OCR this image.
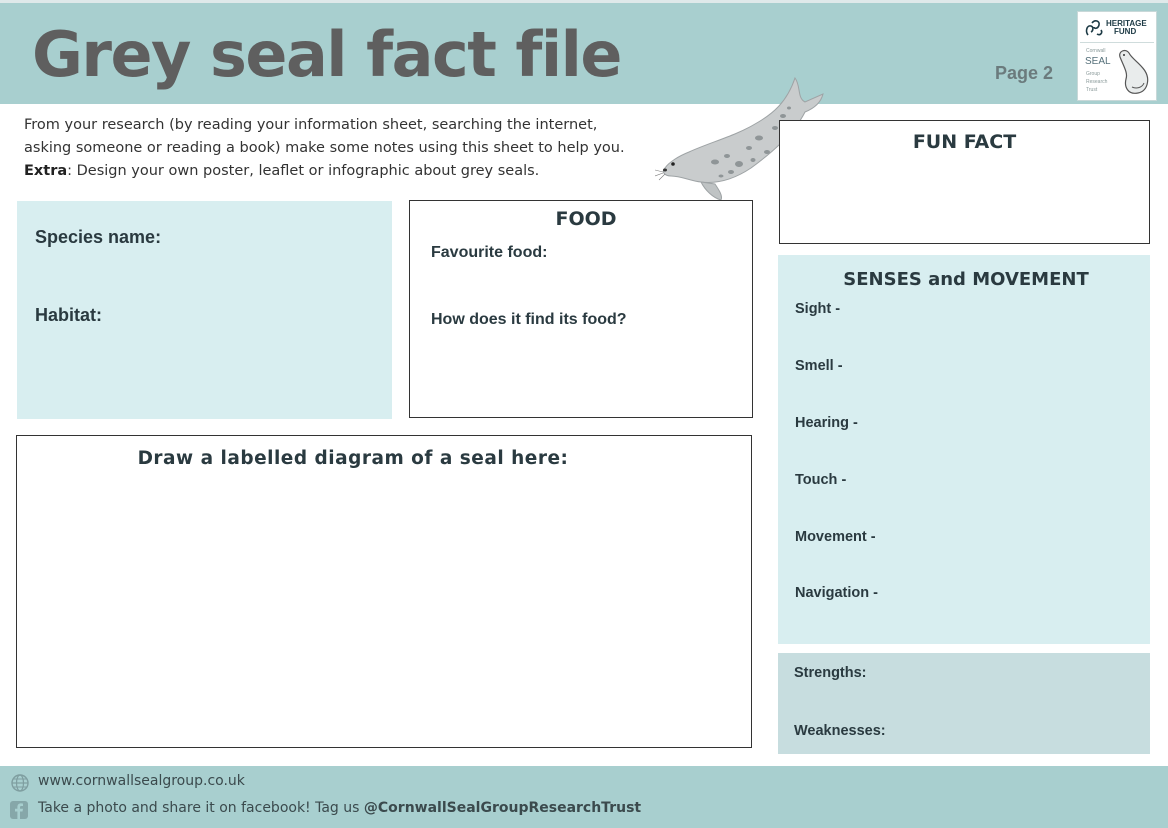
Grey seal fact file	Page 2
HERITAGE
FUND
Cornwall
SEAL
Group
Research
Trust
From your research (by reading your information sheet, searching the internet,
asking someone or reading a book) make some notes using this sheet to help you.
Extra: Design your own poster, leaflet or infographic about grey seals.
Species name:
Habitat:
FOOD
Favourite food:
How does it find its food?
FUN FACT
SENSES and MOVEMENT
Sight -
Smell -
Hearing -
Touch -
Movement -
Navigation -
Strengths:
Weaknesses:
Draw a labelled diagram of a seal here:
www.cornwallsealgroup.co.uk
Take a photo and share it on facebook! Tag us @CornwallSealGroupResearchTrust
